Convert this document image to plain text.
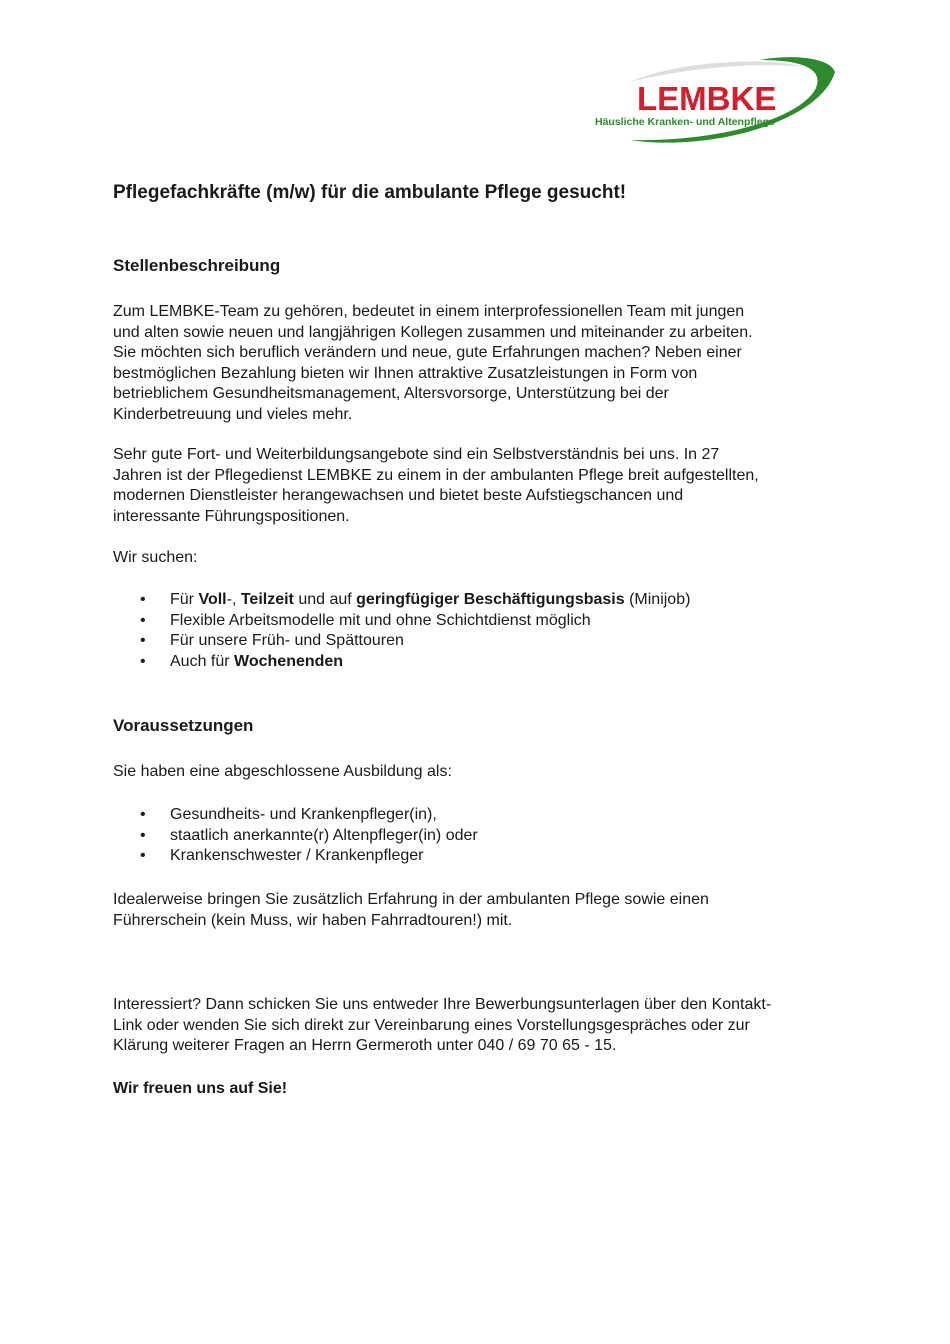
LEMBKE
Häusliche Kranken- und Altenpflege
Pflegefachkräfte (m/w) für die ambulante Pflege gesucht!
Stellenbeschreibung
Zum LEMBKE-Team zu gehören, bedeutet in einem interprofessionellen Team mit jungen
und alten sowie neuen und langjährigen Kollegen zusammen und miteinander zu arbeiten.
Sie möchten sich beruflich verändern und neue, gute Erfahrungen machen? Neben einer
bestmöglichen Bezahlung bieten wir Ihnen attraktive Zusatzleistungen in Form von
betrieblichem Gesundheitsmanagement, Altersvorsorge, Unterstützung bei der
Kinderbetreuung und vieles mehr.
Sehr gute Fort- und Weiterbildungsangebote sind ein Selbstverständnis bei uns. In 27
Jahren ist der Pflegedienst LEMBKE zu einem in der ambulanten Pflege breit aufgestellten,
modernen Dienstleister herangewachsen und bietet beste Aufstiegschancen und
interessante Führungspositionen.
Wir suchen:
• Für Voll-, Teilzeit und auf geringfügiger Beschäftigungsbasis (Minijob)
• Flexible Arbeitsmodelle mit und ohne Schichtdienst möglich
• Für unsere Früh- und Spättouren
• Auch für Wochenenden
Voraussetzungen
Sie haben eine abgeschlossene Ausbildung als:
• Gesundheits- und Krankenpfleger(in),
• staatlich anerkannte(r) Altenpfleger(in) oder
• Krankenschwester / Krankenpfleger
Idealerweise bringen Sie zusätzlich Erfahrung in der ambulanten Pflege sowie einen
Führerschein (kein Muss, wir haben Fahrradtouren!) mit.
Interessiert? Dann schicken Sie uns entweder Ihre Bewerbungsunterlagen über den Kontakt-
Link oder wenden Sie sich direkt zur Vereinbarung eines Vorstellungsgespräches oder zur
Klärung weiterer Fragen an Herrn Germeroth unter 040 / 69 70 65 - 15.
Wir freuen uns auf Sie!
